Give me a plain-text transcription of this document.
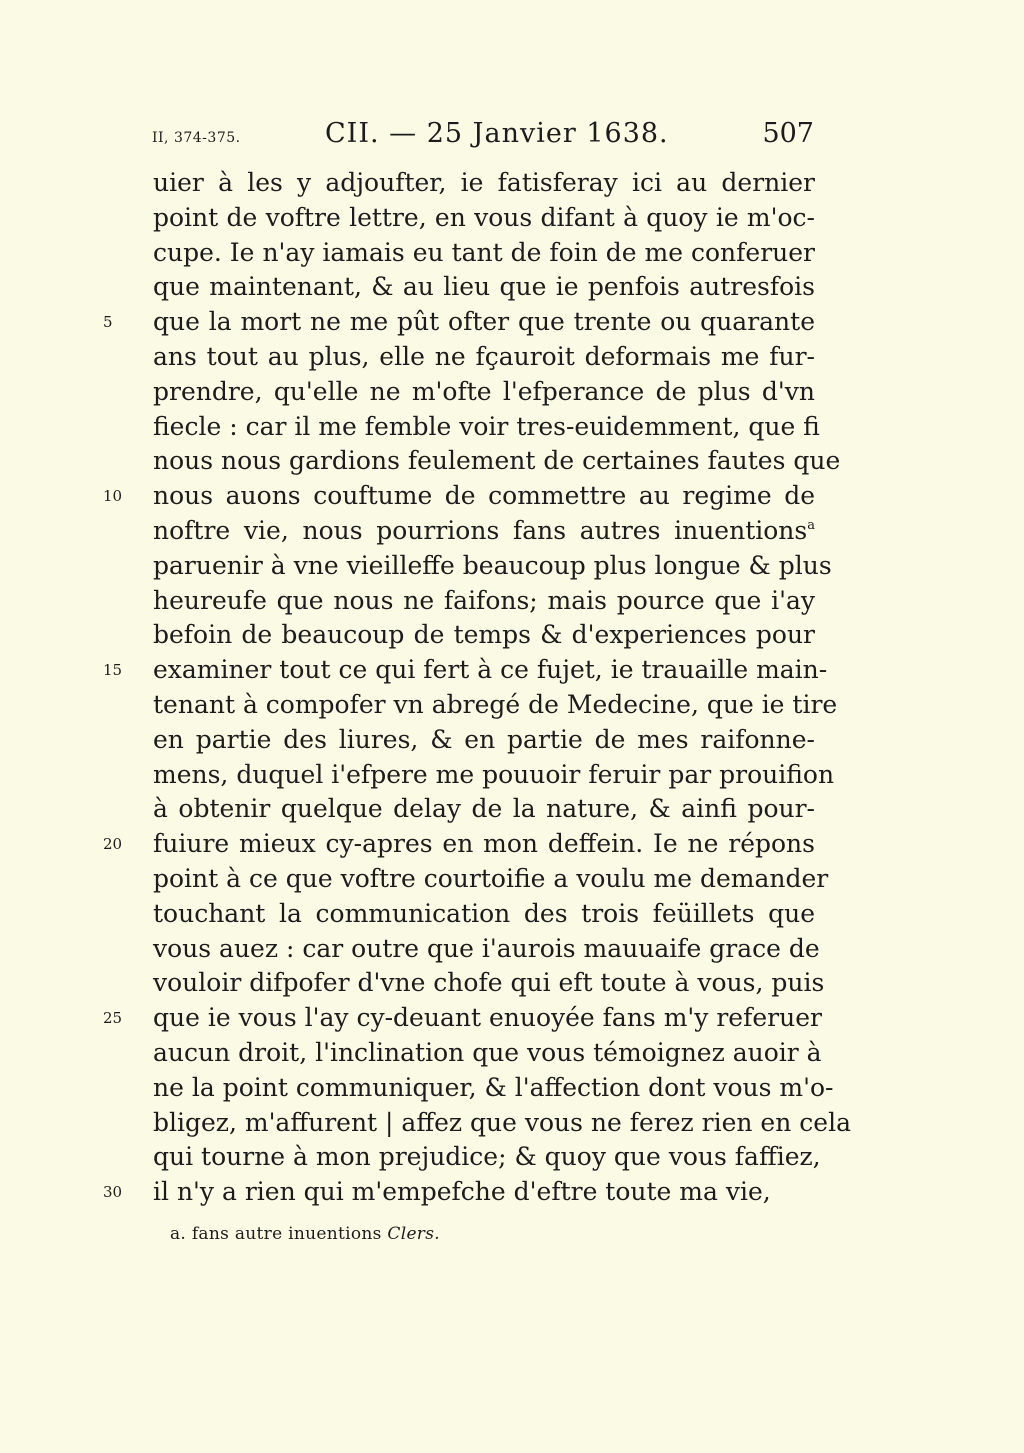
II, 374-375.	CII. — 25 Janvier 1638.	507
uier à les y adjoufter, ie fatisferay ici au dernier
point de voftre lettre, en vous difant à quoy ie m'oc-
cupe. Ie n'ay iamais eu tant de foin de me conferuer
que maintenant, & au lieu que ie penfois autresfois
5	que la mort ne me pût ofter que trente ou quarante
ans tout au plus, elle ne fçauroit deformais me fur-
prendre, qu'elle ne m'ofte l'efperance de plus d'vn
fiecle : car il me femble voir tres-euidemment, que fi
nous nous gardions feulement de certaines fautes que
10	nous auons couftume de commettre au regime de
noftre vie, nous pourrions fans autres inuentions$^a$
paruenir à vne vieilleffe beaucoup plus longue & plus
heureufe que nous ne faifons; mais pource que i'ay
befoin de beaucoup de temps & d'experiences pour
15	examiner tout ce qui fert à ce fujet, ie trauaille main-
tenant à compofer vn abregé de Medecine, que ie tire
en partie des liures, & en partie de mes raifonne-
mens, duquel i'efpere me pouuoir feruir par prouifion
à obtenir quelque delay de la nature, & ainfi pour-
20	fuiure mieux cy-apres en mon deffein. Ie ne répons
point à ce que voftre courtoifie a voulu me demander
touchant la communication des trois feüillets que
vous auez : car outre que i'aurois mauuaife grace de
vouloir difpofer d'vne chofe qui eft toute à vous, puis
25	que ie vous l'ay cy-deuant enuoyée fans m'y referuer
aucun droit, l'inclination que vous témoignez auoir à
ne la point communiquer, & l'affection dont vous m'o-
bligez, m'affurent | affez que vous ne ferez rien en cela
qui tourne à mon prejudice; & quoy que vous faffiez,
30	il n'y a rien qui m'empefche d'eftre toute ma vie,
a. fans autre inuentions Clers.
